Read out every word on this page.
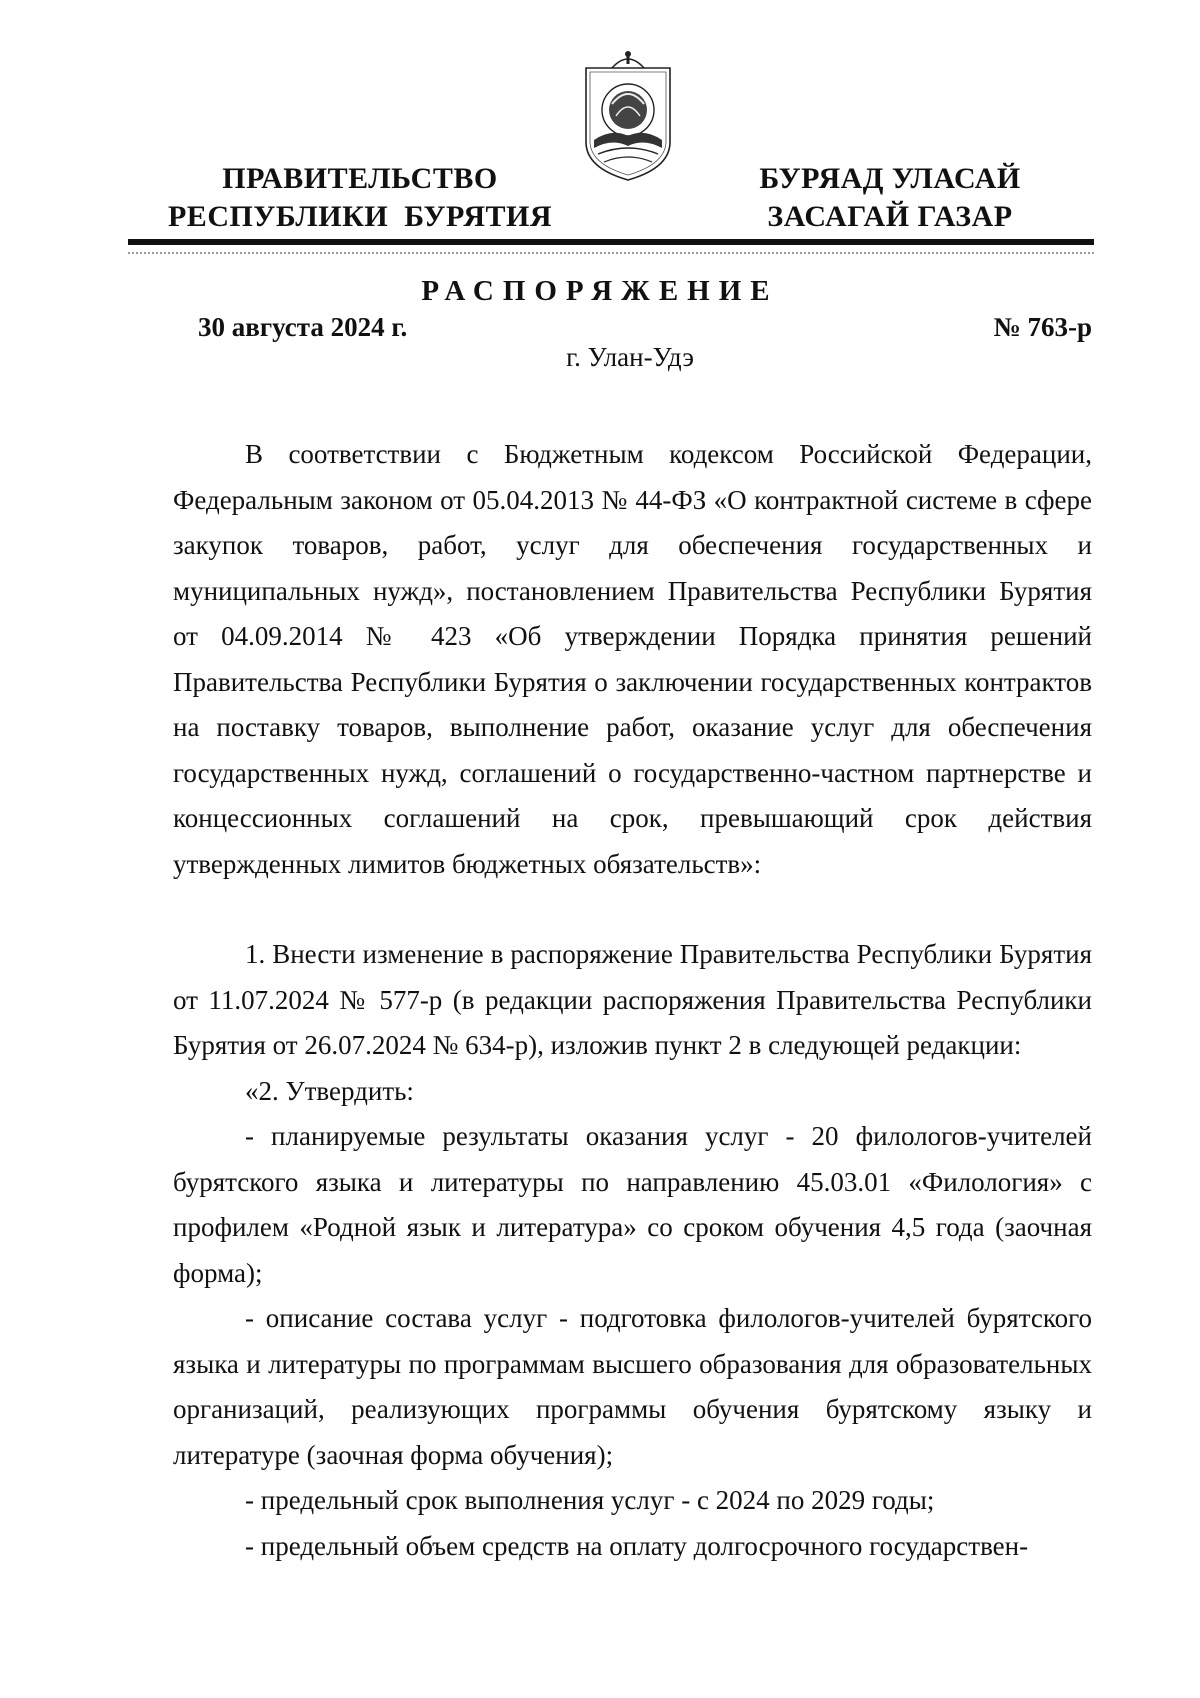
ПРАВИТЕЛЬСТВО
РЕСПУБЛИКИ  БУРЯТИЯ
БУРЯАД УЛАСАЙ
ЗАСАГАЙ ГАЗАР
РАСПОРЯЖЕНИЕ
30 августа 2024 г.	№ 763-р
г. Улан-Удэ

В соответствии с Бюджетным кодексом Российской Федерации, Федеральным законом от 05.04.2013 № 44-ФЗ «О контрактной системе в сфере закупок товаров, работ, услуг для обеспечения государственных и муниципальных нужд», постановлением Правительства Республики Бурятия от 04.09.2014 № 423 «Об утверждении Порядка принятия решений Правительства Республики Бурятия о заключении государственных контрактов на поставку товаров, выполнение работ, оказание услуг для обеспечения государственных нужд, соглашений о государственно-частном партнерстве и концессионных соглашений на срок, превышающий срок действия утвержденных лимитов бюджетных обязательств»:

1. Внести изменение в распоряжение Правительства Республики Бурятия от 11.07.2024 № 577-р (в редакции распоряжения Правительства Республики Бурятия от 26.07.2024 № 634-р), изложив пункт 2 в следующей редакции:

«2. Утвердить:

- планируемые результаты оказания услуг - 20 филологов-учителей бурятского языка и литературы по направлению 45.03.01 «Филология» с профилем «Родной язык и литература» со сроком обучения 4,5 года (заочная форма);

- описание состава услуг - подготовка филологов-учителей бурятского языка и литературы по программам высшего образования для образовательных организаций, реализующих программы обучения бурятскому языку и литературе (заочная форма обучения);

- предельный срок выполнения услуг - с 2024 по 2029 годы;

- предельный объем средств на оплату долгосрочного государствен-
